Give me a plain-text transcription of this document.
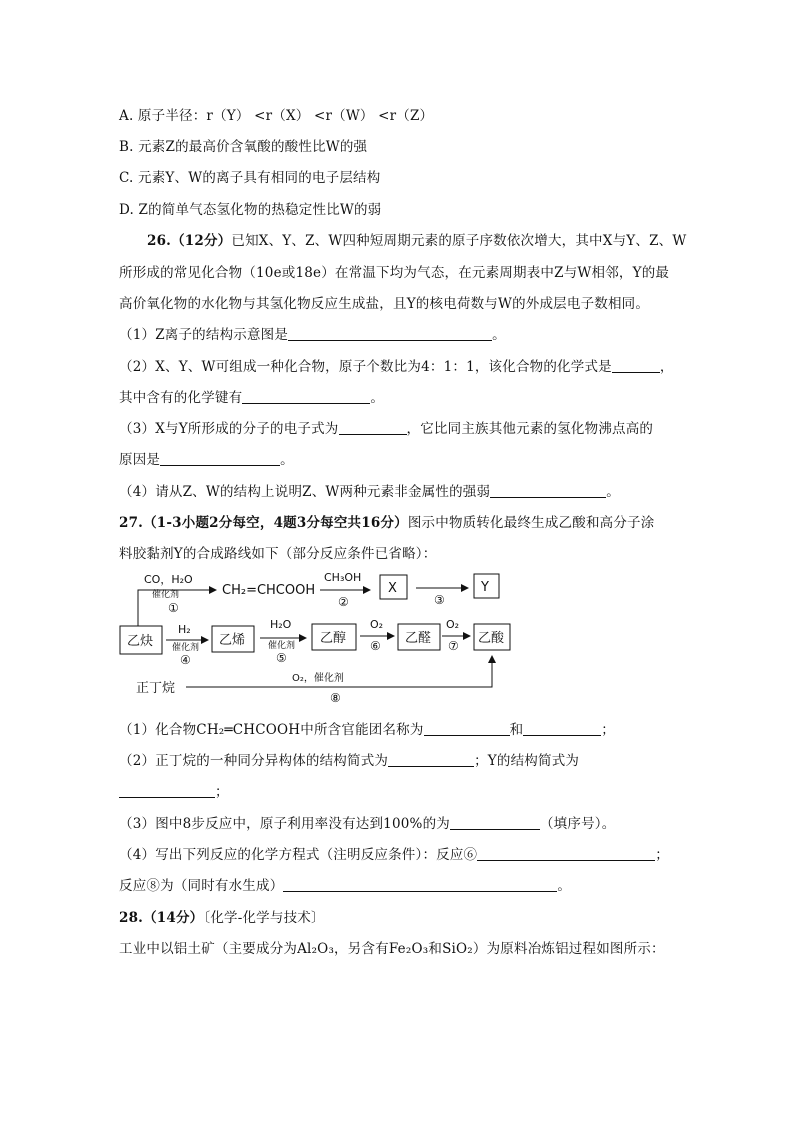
A. 原子半径：r（Y） <r（X） <r（W） <r（Z）
B. 元素Z的最高价含氧酸的酸性比W的强
C. 元素Y、W的离子具有相同的电子层结构
D. Z的简单气态氢化物的热稳定性比W的弱
26.（12分）已知X、Y、Z、W四种短周期元素的原子序数依次增大，其中X与Y、Z、W
所形成的常见化合物（10e或18e）在常温下均为气态，在元素周期表中Z与W相邻，Y的最
高价氧化物的水化物与其氢化物反应生成盐，且Y的核电荷数与W的外成层电子数相同。
（1）Z离子的结构示意图是	。
（2）X、Y、W可组成一种化合物，原子个数比为4：1：1，该化合物的化学式是	，
其中含有的化学键有	。
（3）X与Y所形成的分子的电子式为	，它比同主族其他元素的氢化物沸点高的
原因是	。
（4）请从Z、W的结构上说明Z、W两种元素非金属性的强弱	。
27.（1-3小题2分每空，4题3分每空共16分）图示中物质转化最终生成乙酸和高分子涂
料胶黏剂Y的合成路线如下（部分反应条件已省略）：
CO，H₂O
催化剂
①
CH₂=CHCOOH
CH₃OH
②
X
③
Y
乙炔
H₂
催化剂
④
乙烯
H₂O
催化剂
⑤
乙醇
O₂
⑥ 乙醛
O₂
⑦ 乙酸
正丁烷
O₂，催化剂
⑧
（1）化合物CH₂═CHCOOH中所含官能团名称为	和	；
（2）正丁烷的一种同分异构体的结构简式为	；Y的结构简式为
；
（3）图中8步反应中，原子利用率没有达到100%的为	（填序号）。
（4）写出下列反应的化学方程式（注明反应条件）：反应⑥	；
反应⑧为（同时有水生成）	。
28.（14分）〔化学-化学与技术〕
工业中以铝土矿（主要成分为Al₂O₃，另含有Fe₂O₃和SiO₂）为原料冶炼铝过程如图所示：
